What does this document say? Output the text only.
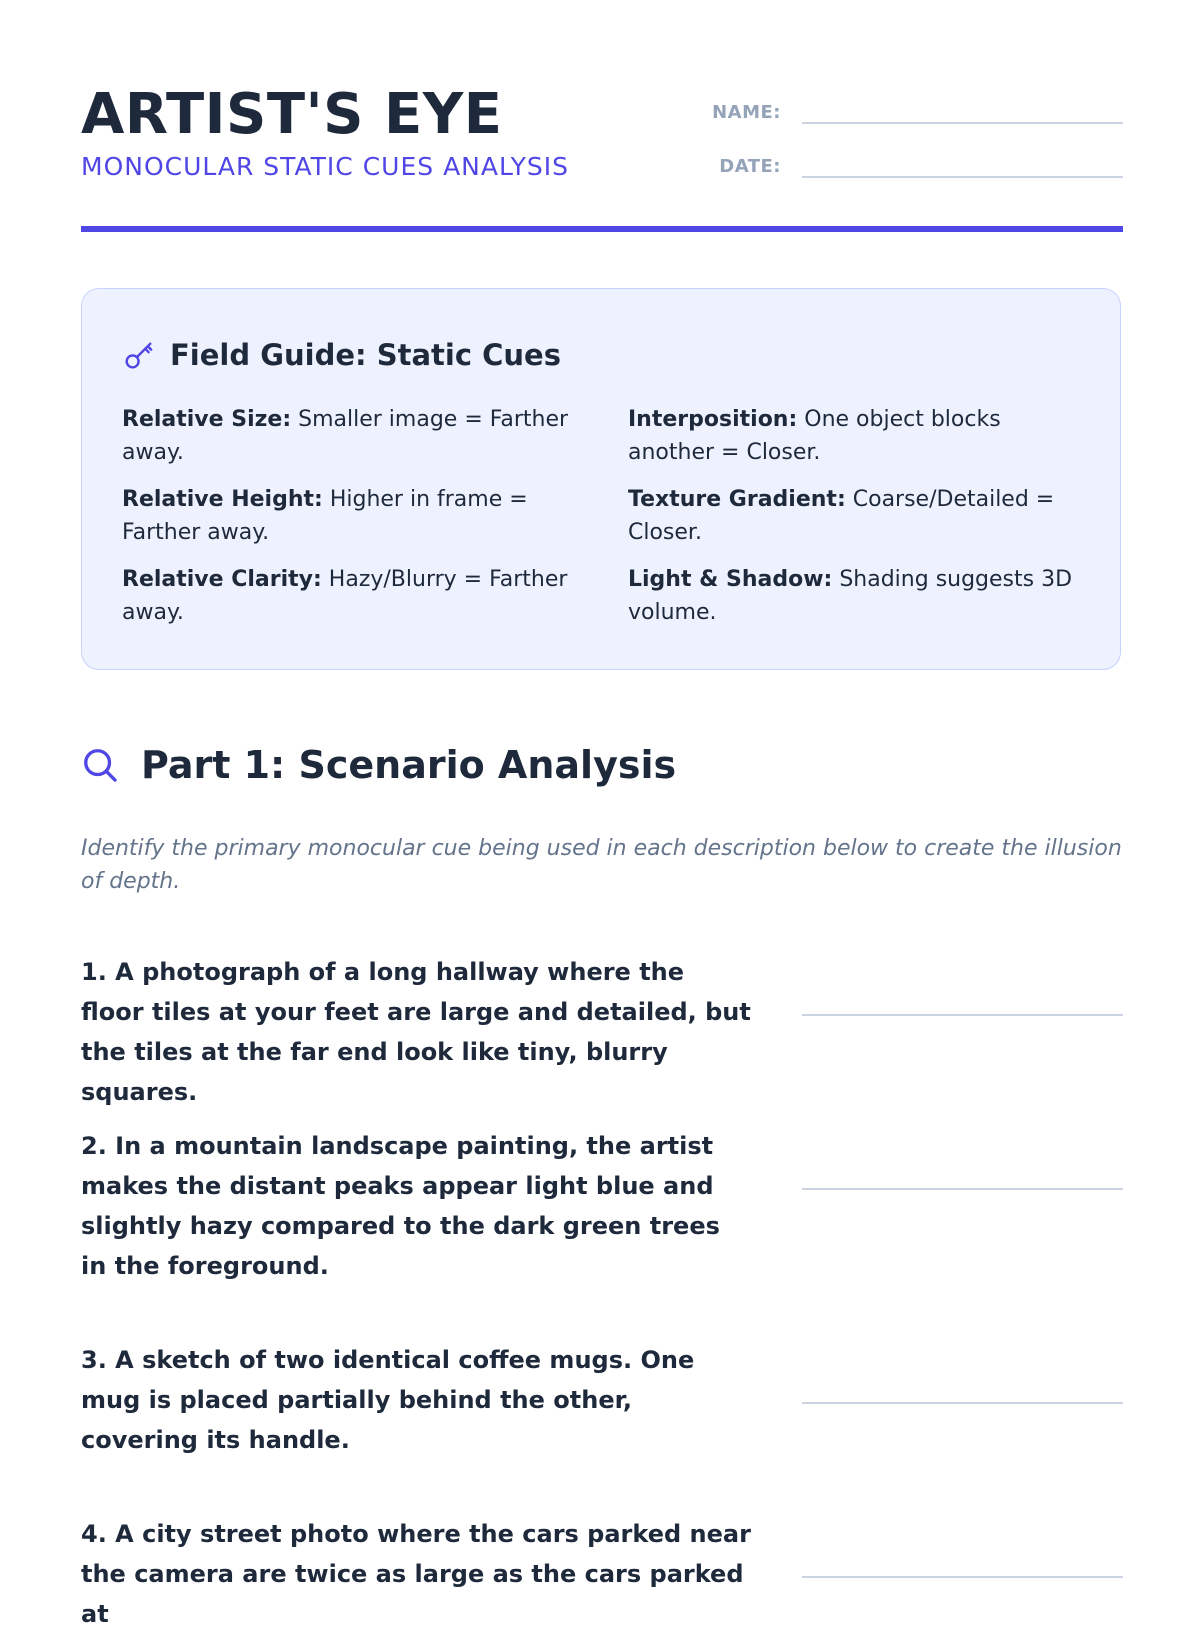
ARTIST'S EYE
MONOCULAR STATIC CUES ANALYSIS
NAME:
DATE:
Field Guide: Static Cues
Relative Size: Smaller image = Farther away.
Interposition: One object blocks another = Closer.
Relative Height: Higher in frame = Farther away.
Texture Gradient: Coarse/Detailed = Closer.
Relative Clarity: Hazy/Blurry = Farther away.
Light & Shadow: Shading suggests 3D volume.
Part 1: Scenario Analysis

Identify the primary monocular cue being used in each description below to create the illusion of depth.

1. A photograph of a long hallway where the floor tiles at your feet are large and detailed, but the tiles at the far end look like tiny, blurry squares.

2. In a mountain landscape painting, the artist makes the distant peaks appear light blue and slightly hazy compared to the dark green trees in the foreground.

3. A sketch of two identical coffee mugs. One mug is placed partially behind the other, covering its handle.

4. A city street photo where the cars parked near the camera are twice as large as the cars parked at
